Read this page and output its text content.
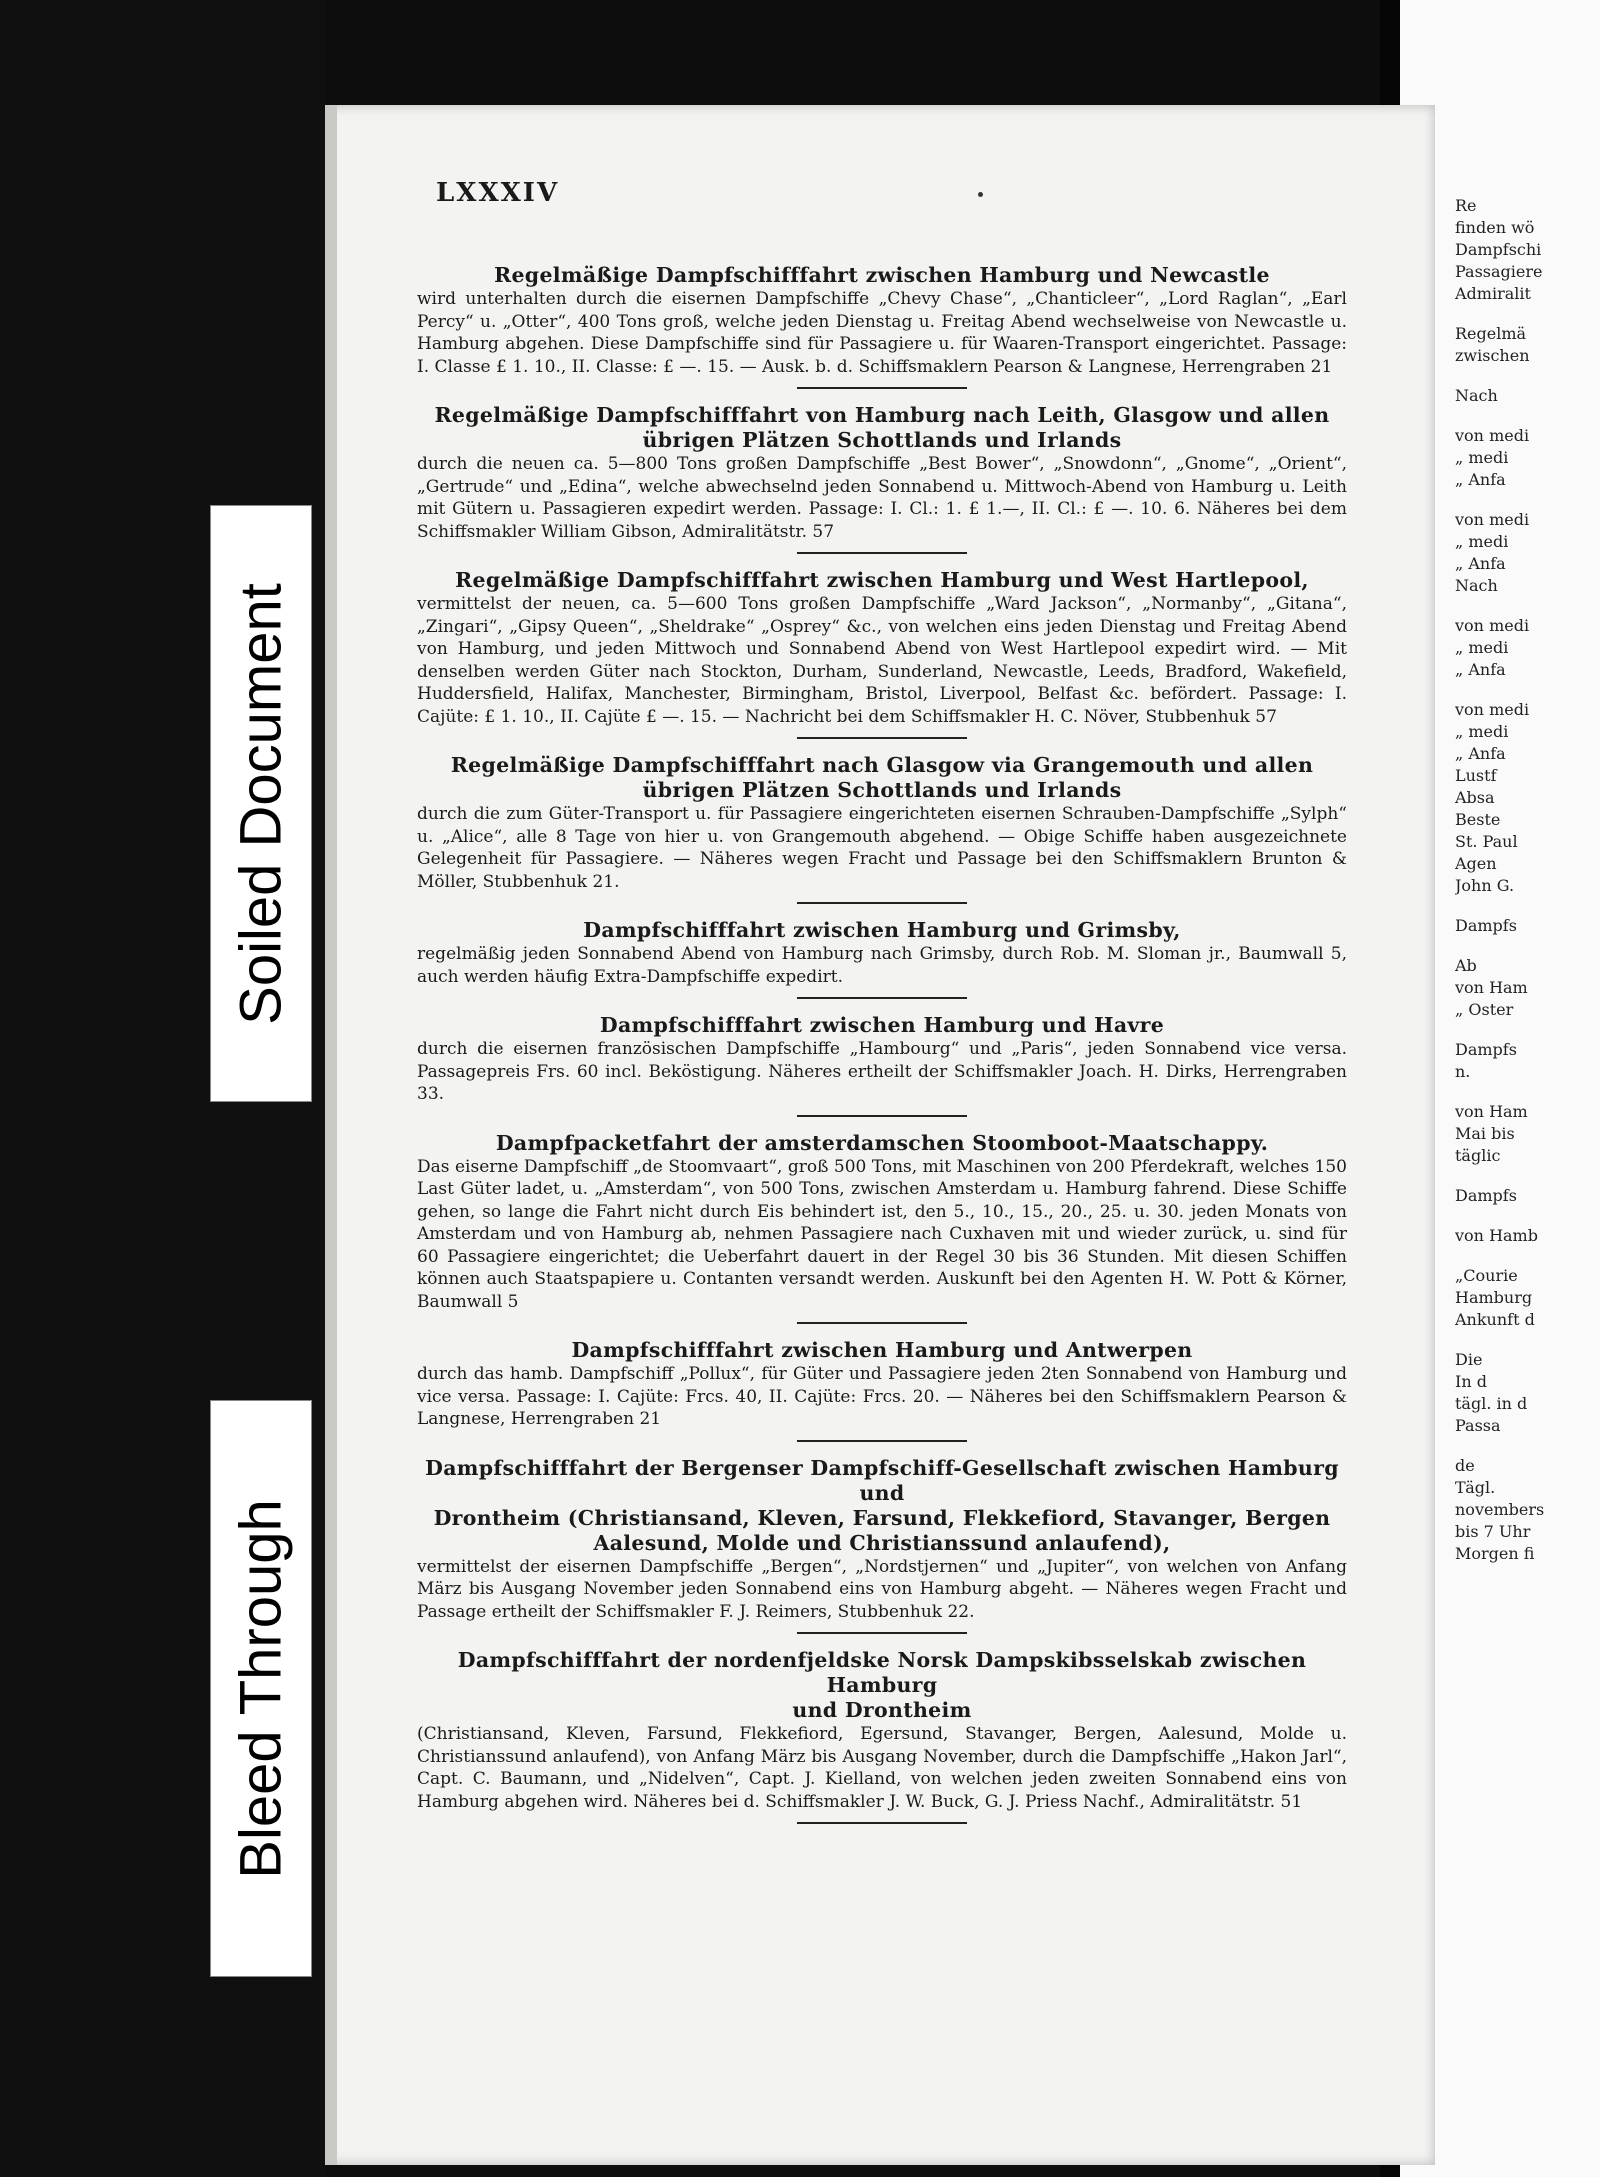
Regelmäßige Dampfschifffahrt zwischen Hamburg und Newcastle
wird unterhalten durch die eisernen Dampfschiffe „Chevy Chase“, „Chanticleer“, „Lord Raglan“, „Earl Percy“ u. „Otter“, 400 Tons groß, welche jeden Dienstag u. Freitag Abend wechselweise von Newcastle u. Hamburg abgehen. Diese Dampfschiffe sind für Passagiere u. für Waaren-Transport eingerichtet. Passage: I. Classe £ 1. 10., II. Classe: £ —. 15. — Ausk. b. d. Schiffsmaklern Pearson & Langnese, Herrengraben 21
Regelmäßige Dampfschifffahrt von Hamburg nach Leith, Glasgow und allen
übrigen Plätzen Schottlands und Irlands
durch die neuen ca. 5—800 Tons großen Dampfschiffe „Best Bower“, „Snowdonn“, „Gnome“, „Orient“, „Gertrude“ und „Edina“, welche abwechselnd jeden Sonnabend u. Mittwoch-Abend von Hamburg u. Leith mit Gütern u. Passagieren expedirt werden. Passage: I. Cl.: 1. £ 1.—, II. Cl.: £ —. 10. 6. Näheres bei dem Schiffsmakler William Gibson, Admiralitätstr. 57
Regelmäßige Dampfschifffahrt zwischen Hamburg und West Hartlepool,
vermittelst der neuen, ca. 5—600 Tons großen Dampfschiffe „Ward Jackson“, „Normanby“, „Gitana“, „Zingari“, „Gipsy Queen“, „Sheldrake“ „Osprey“ &c., von welchen eins jeden Dienstag und Freitag Abend von Hamburg, und jeden Mittwoch und Sonnabend Abend von West Hartlepool expedirt wird. — Mit denselben werden Güter nach Stockton, Durham, Sunderland, Newcastle, Leeds, Bradford, Wakefield, Huddersfield, Halifax, Manchester, Birmingham, Bristol, Liverpool, Belfast &c. befördert. Passage: I. Cajüte: £ 1. 10., II. Cajüte £ —. 15. — Nachricht bei dem Schiffsmakler H. C. Növer, Stubbenhuk 57
Regelmäßige Dampfschifffahrt nach Glasgow via Grangemouth und allen
übrigen Plätzen Schottlands und Irlands
durch die zum Güter-Transport u. für Passagiere eingerichteten eisernen Schrauben-Dampfschiffe „Sylph“ u. „Alice“, alle 8 Tage von hier u. von Grangemouth abgehend. — Obige Schiffe haben ausgezeichnete Gelegenheit für Passagiere. — Näheres wegen Fracht und Passage bei den Schiffsmaklern Brunton & Möller, Stubbenhuk 21.
Dampfschifffahrt zwischen Hamburg und Grimsby,
regelmäßig jeden Sonnabend Abend von Hamburg nach Grimsby, durch Rob. M. Sloman jr., Baumwall 5, auch werden häufig Extra-Dampfschiffe expedirt.
Dampfschifffahrt zwischen Hamburg und Havre
durch die eisernen französischen Dampfschiffe „Hambourg“ und „Paris“, jeden Sonnabend vice versa. Passagepreis Frs. 60 incl. Beköstigung. Näheres ertheilt der Schiffsmakler Joach. H. Dirks, Herrengraben 33.
Dampfpacketfahrt der amsterdamschen Stoomboot-Maatschappy.
Das eiserne Dampfschiff „de Stoomvaart“, groß 500 Tons, mit Maschinen von 200 Pferdekraft, welches 150 Last Güter ladet, u. „Amsterdam“, von 500 Tons, zwischen Amsterdam u. Hamburg fahrend. Diese Schiffe gehen, so lange die Fahrt nicht durch Eis behindert ist, den 5., 10., 15., 20., 25. u. 30. jeden Monats von Amsterdam und von Hamburg ab, nehmen Passagiere nach Cuxhaven mit und wieder zurück, u. sind für 60 Passagiere eingerichtet; die Ueberfahrt dauert in der Regel 30 bis 36 Stunden. Mit diesen Schiffen können auch Staatspapiere u. Contanten versandt werden. Auskunft bei den Agenten H. W. Pott & Körner, Baumwall 5
Dampfschifffahrt zwischen Hamburg und Antwerpen
durch das hamb. Dampfschiff „Pollux“, für Güter und Passagiere jeden 2ten Sonnabend von Hamburg und vice versa. Passage: I. Cajüte: Frcs. 40, II. Cajüte: Frcs. 20. — Näheres bei den Schiffsmaklern Pearson & Langnese, Herrengraben 21
Dampfschifffahrt der Bergenser Dampfschiff-Gesellschaft zwischen Hamburg und
Drontheim (Christiansand, Kleven, Farsund, Flekkefiord, Stavanger, Bergen
Aalesund, Molde und Christianssund anlaufend),
vermittelst der eisernen Dampfschiffe „Bergen“, „Nordstjernen“ und „Jupiter“, von welchen von Anfang März bis Ausgang November jeden Sonnabend eins von Hamburg abgeht. — Näheres wegen Fracht und Passage ertheilt der Schiffsmakler F. J. Reimers, Stubbenhuk 22.
Dampfschifffahrt der nordenfjeldske Norsk Dampskibsselskab zwischen Hamburg
und Drontheim
(Christiansand, Kleven, Farsund, Flekkefiord, Egersund, Stavanger, Bergen, Aalesund, Molde u. Christianssund anlaufend), von Anfang März bis Ausgang November, durch die Dampfschiffe „Hakon Jarl“, Capt. C. Baumann, und „Nidelven“, Capt. J. Kielland, von welchen jeden zweiten Sonnabend eins von Hamburg abgehen wird. Näheres bei d. Schiffsmakler J. W. Buck, G. J. Priess Nachf., Admiralitätstr. 51
LXXXIV	Re
finden wö
Dampfschi
Passagiere
Admiralit
Regelmä
zwischen
Nach
von medi
„ medi
„ Anfa
von medi
„ medi
„ Anfa
Nach
von medi
„ medi
„ Anfa
von medi
„ medi
„ Anfa
Lustf
Absa
Beste
St. Paul
Agen
John G.
Dampfs
Ab
von Ham
„ Oster
Dampfs
n.
von Ham
Mai bis
täglic
Dampfs
von Hamb
„Courie
Hamburg
Ankunft d
Die
In d
tägl. in d
Passa
de
Tägl.
novembers
bis 7 Uhr
Morgen fi
Soiled Document
Bleed Through
